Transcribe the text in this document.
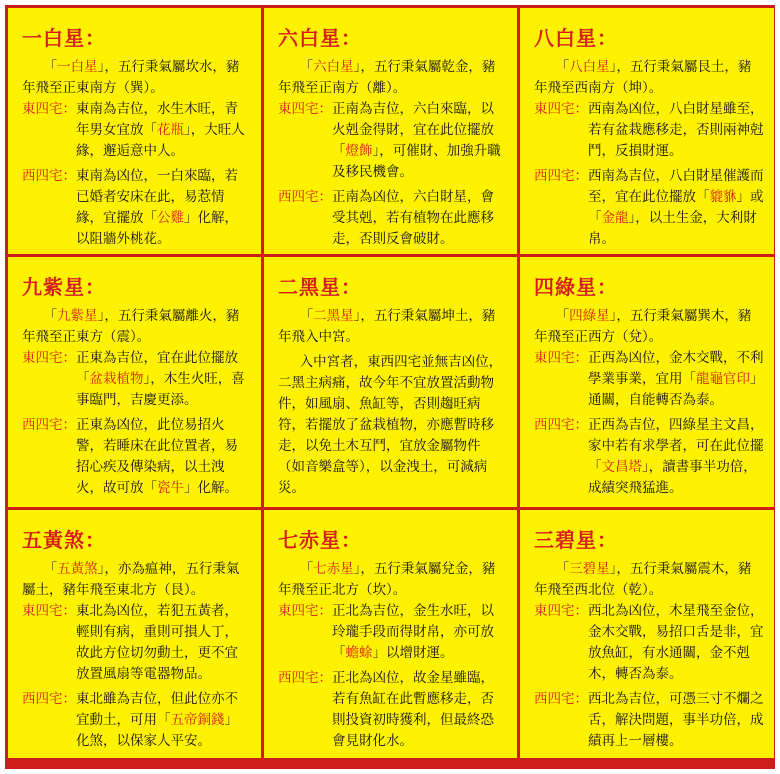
一白星：

「一白星」，五行秉氣屬坎水，豬年飛至正東南方（巽）。

東四宅： 東南為吉位，水生木旺，青年男女宜放「花瓶」，大旺人緣，邂逅意中人。
西四宅： 東南為凶位，一白來臨，若已婚者安床在此，易惹情緣，宜擺放「公雞」化解，以阻牆外桃花。
六白星：

「六白星」，五行秉氣屬乾金，豬年飛至正南方（離）。

東四宅： 正南為吉位，六白來臨，以火剋金得財，宜在此位擺放「燈飾」，可催財、加強升職及移民機會。
西四宅： 正南為凶位，六白財星，會受其剋，若有植物在此應移走，否則反會破財。
八白星：

「八白星」，五行秉氣屬艮土，豬年飛至西南方（坤）。

東四宅： 西南為凶位，八白財星雖至，若有盆栽應移走，否則兩神尅鬥，反損財運。
西四宅： 西南為吉位，八白財星催護而至，宜在此位擺放「貔貅」或「金龍」，以土生金，大利財帛。
九紫星：

「九紫星」，五行秉氣屬離火，豬年飛至正東方（震）。

東四宅： 正東為吉位，宜在此位擺放「盆栽植物」，木生火旺，喜事臨門，吉慶更添。
西四宅： 正東為凶位，此位易招火警，若睡床在此位置者，易招心疾及傳染病，以土洩火，故可放「瓷牛」化解。
二黑星：

「二黑星」，五行秉氣屬坤土，豬年飛入中宮。

入中宮者，東西四宅並無吉凶位，二黑主病痛，故今年不宜放置活動物件，如風扇、魚缸等，否則趨旺病符，若擺放了盆栽植物，亦應暫時移走，以免土木互鬥，宜放金屬物件（如音樂盒等），以金洩土，可減病災。

四綠星：

「四綠星」，五行秉氣屬巽木，豬年飛至正西方（兌）。

東四宅： 正西為凶位，金木交戰，不利學業事業，宜用「龍龜官印」通關，自能轉否為泰。
西四宅： 正西為吉位，四綠星主文昌，家中若有求學者，可在此位擺「文昌塔」，讀書事半功倍，成績突飛猛進。
五黃煞：

「五黃煞」，亦為瘟神，五行秉氣屬土，豬年飛至東北方（艮）。

東四宅： 東北為凶位，若犯五黃者，輕則有病，重則可損人丁，故此方位切勿動土，更不宜放置風扇等電器物品。
西四宅： 東北雖為吉位，但此位亦不宜動土，可用「五帝銅錢」化煞，以保家人平安。
七赤星：

「七赤星」，五行秉氣屬兌金，豬年飛至正北方（坎）。

東四宅： 正北為吉位，金生水旺，以玲瓏手段而得財帛，亦可放「蟾蜍」以增財運。
西四宅： 正北為凶位，故金星雖臨，若有魚缸在此暫應移走，否則投資初時獲利，但最終恐會見財化水。
三碧星：

「三碧星」，五行秉氣屬震木，豬年飛至西北位（乾）。

東四宅： 西北為凶位，木星飛至金位，金木交戰，易招口舌是非，宜放魚缸，有水通關，金不剋木，轉否為泰。
西四宅： 西北為吉位，可憑三寸不爛之舌，解決問題，事半功倍，成績再上一層樓。
